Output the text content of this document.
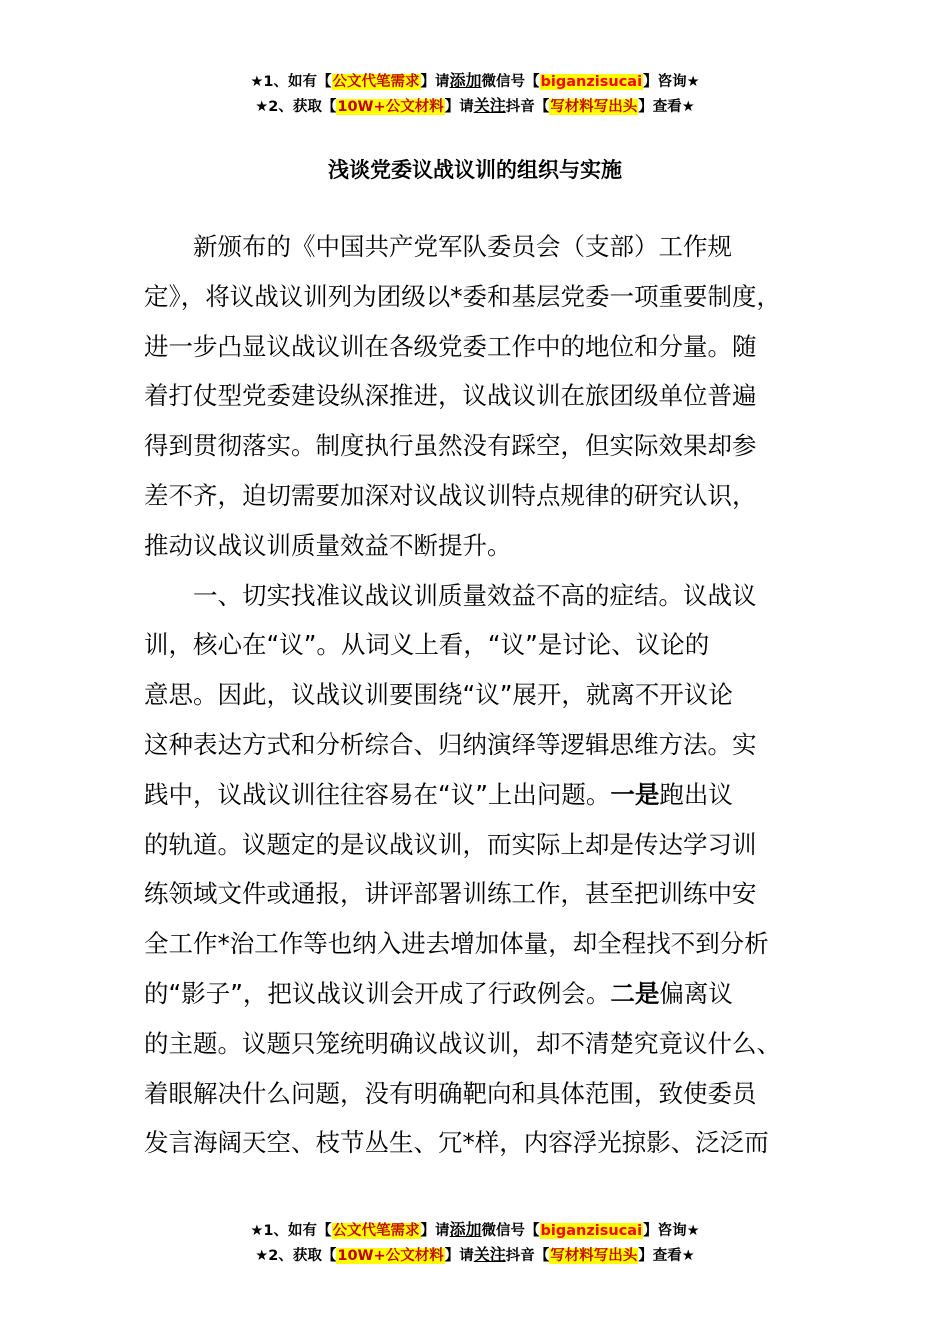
★1、如有【公文代笔需求】请添加微信号【biganzisucai】咨询★
★2、获取【10W+公文材料】请关注抖音【写材料写出头】查看★
浅谈党委议战议训的组织与实施
新颁布的《中国共产党军队委员会（支部）工作规
定》，将议战议训列为团级以*委和基层党委一项重要制度，
进一步凸显议战议训在各级党委工作中的地位和分量。随
着打仗型党委建设纵深推进，议战议训在旅团级单位普遍
得到贯彻落实。制度执行虽然没有踩空，但实际效果却参
差不齐，迫切需要加深对议战议训特点规律的研究认识，
推动议战议训质量效益不断提升。
一、切实找准议战议训质量效益不高的症结。议战议
训，核心在“议”。从词义上看，“议”是讨论、议论的
意思。因此，议战议训要围绕“议”展开，就离不开议论
这种表达方式和分析综合、归纳演绎等逻辑思维方法。实
践中，议战议训往往容易在“议”上出问题。一是跑出议
的轨道。议题定的是议战议训，而实际上却是传达学习训
练领域文件或通报，讲评部署训练工作，甚至把训练中安
全工作*治工作等也纳入进去增加体量，却全程找不到分析
的“影子”，把议战议训会开成了行政例会。二是偏离议
的主题。议题只笼统明确议战议训，却不清楚究竟议什么、
着眼解决什么问题，没有明确靶向和具体范围，致使委员
发言海阔天空、枝节丛生、冗*样，内容浮光掠影、泛泛而
★1、如有【公文代笔需求】请添加微信号【biganzisucai】咨询★
★2、获取【10W+公文材料】请关注抖音【写材料写出头】查看★
